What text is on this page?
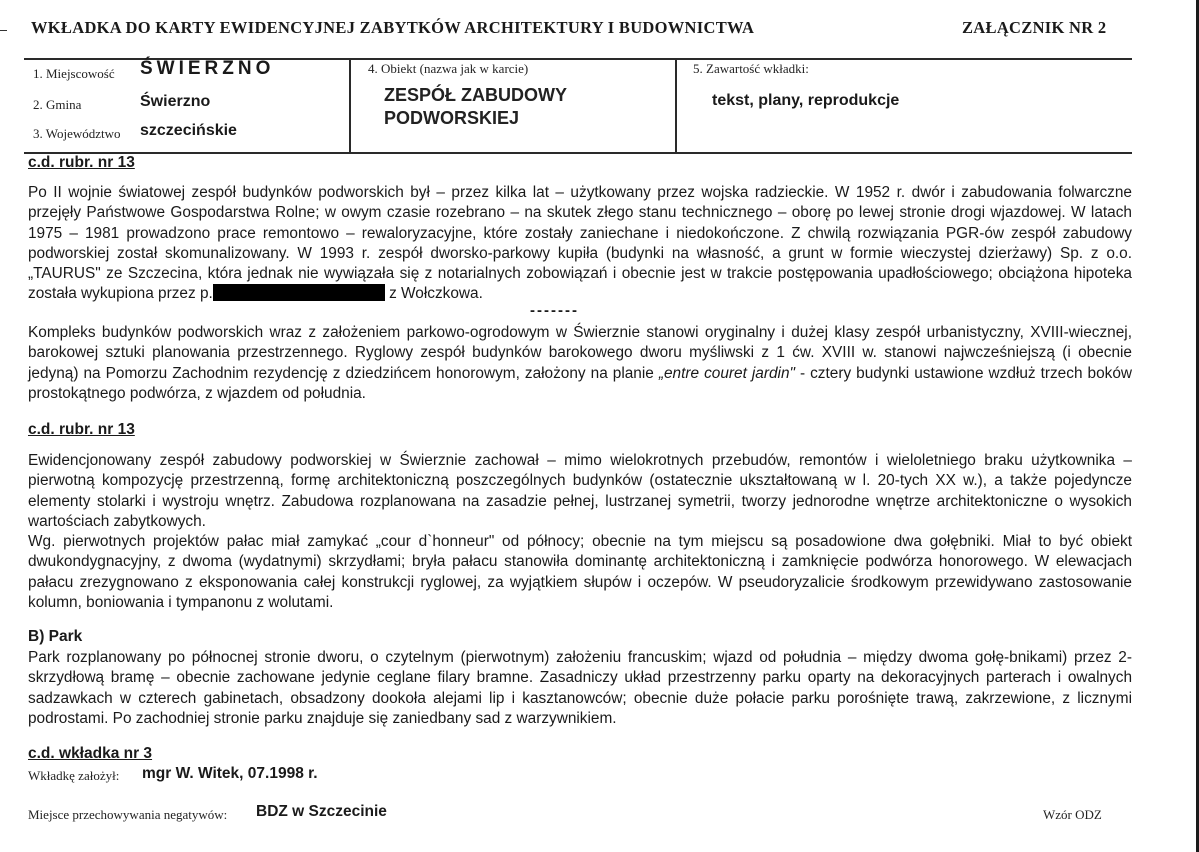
WKŁADKA DO KARTY EWIDENCYJNEJ ZABYTKÓW ARCHITEKTURY I BUDOWNICTWA	ZAŁĄCZNIK NR 2
1. Miejscowość ŚWIERZNO
2. Gmina	Świerzno
3. Województwo szczecińskie
4. Obiekt (nazwa jak w karcie)
ZESPÓŁ ZABUDOWY
PODWORSKIEJ
5. Zawartość wkładki:
tekst, plany, reprodukcje
c.d. rubr. nr 13
Po II wojnie światowej zespół budynków podworskich był – przez kilka lat – użytkowany przez wojska radzieckie. W 1952 r. dwór i zabudowania folwarczne przejęły Państwowe Gospodarstwa Rolne; w owym czasie rozebrano – na skutek złego stanu technicznego – oborę po lewej stronie drogi wjazdowej. W latach 1975 – 1981 prowadzono prace remontowo – rewaloryzacyjne, które zostały zaniechane i niedokończone. Z chwilą rozwiązania PGR-ów zespół zabudowy podworskiej został skomunalizowany. W 1993 r. zespół dworsko-parkowy kupiła (budynki na własność, a grunt w formie wieczystej dzierżawy) Sp. z o.o. „TAURUS" ze Szczecina, która jednak nie wywiązała się z notarialnych zobowiązań i obecnie jest w trakcie postępowania upadłościowego; obciążona hipoteka została wykupiona przez p.	z Wołczkowa.
-------
Kompleks budynków podworskich wraz z założeniem parkowo-ogrodowym w Świerznie stanowi oryginalny i dużej klasy zespół urbanistyczny, XVIII-wiecznej, barokowej sztuki planowania przestrzennego. Ryglowy zespół budynków barokowego dworu myśliwski z 1 ćw. XVIII w. stanowi najwcześniejszą (i obecnie jedyną) na Pomorzu Zachodnim rezydencję z dziedzińcem honorowym, założony na planie „entre couret jardin" - cztery budynki ustawione wzdłuż trzech boków prostokątnego podwórza, z wjazdem od południa.
c.d. rubr. nr 13

Ewidencjonowany zespół zabudowy podworskiej w Świerznie zachował – mimo wielokrotnych przebudów, remontów i wieloletniego braku użytkownika – pierwotną kompozycję przestrzenną, formę architektoniczną poszczególnych budynków (ostatecznie ukształtowaną w l. 20-tych XX w.), a także pojedyncze elementy stolarki i wystroju wnętrz. Zabudowa rozplanowana na zasadzie pełnej, lustrzanej symetrii, tworzy jednorodne wnętrze architektoniczne o wysokich wartościach zabytkowych.

Wg. pierwotnych projektów pałac miał zamykać „cour d`honneur" od północy; obecnie na tym miejscu są posadowione dwa gołębniki. Miał to być obiekt dwukondygnacyjny, z dwoma (wydatnymi) skrzydłami; bryła pałacu stanowiła dominantę architektoniczną i zamknięcie podwórza honorowego. W elewacjach pałacu zrezygnowano z eksponowania całej konstrukcji ryglowej, za wyjątkiem słupów i oczepów. W pseudoryzalicie środkowym przewidywano zastosowanie kolumn, boniowania i tympanonu z wolutami.

B) Park
Park rozplanowany po północnej stronie dworu, o czytelnym (pierwotnym) założeniu francuskim; wjazd od południa – między dwoma gołę-bnikami) przez 2-skrzydłową bramę – obecnie zachowane jedynie ceglane filary bramne. Zasadniczy układ przestrzenny parku oparty na dekoracyjnych parterach i owalnych sadzawkach w czterech gabinetach, obsadzony dookoła alejami lip i kasztanowców; obecnie duże połacie parku porośnięte trawą, zakrzewione, z licznymi podrostami. Po zachodniej stronie parku znajduje się zaniedbany sad z warzywnikiem.
c.d. wkładka nr 3
Wkładkę założył: mgr W. Witek, 07.1998 r.
Miejsce przechowywania negatywów: BDZ w Szczecinie	Wzór ODZ
